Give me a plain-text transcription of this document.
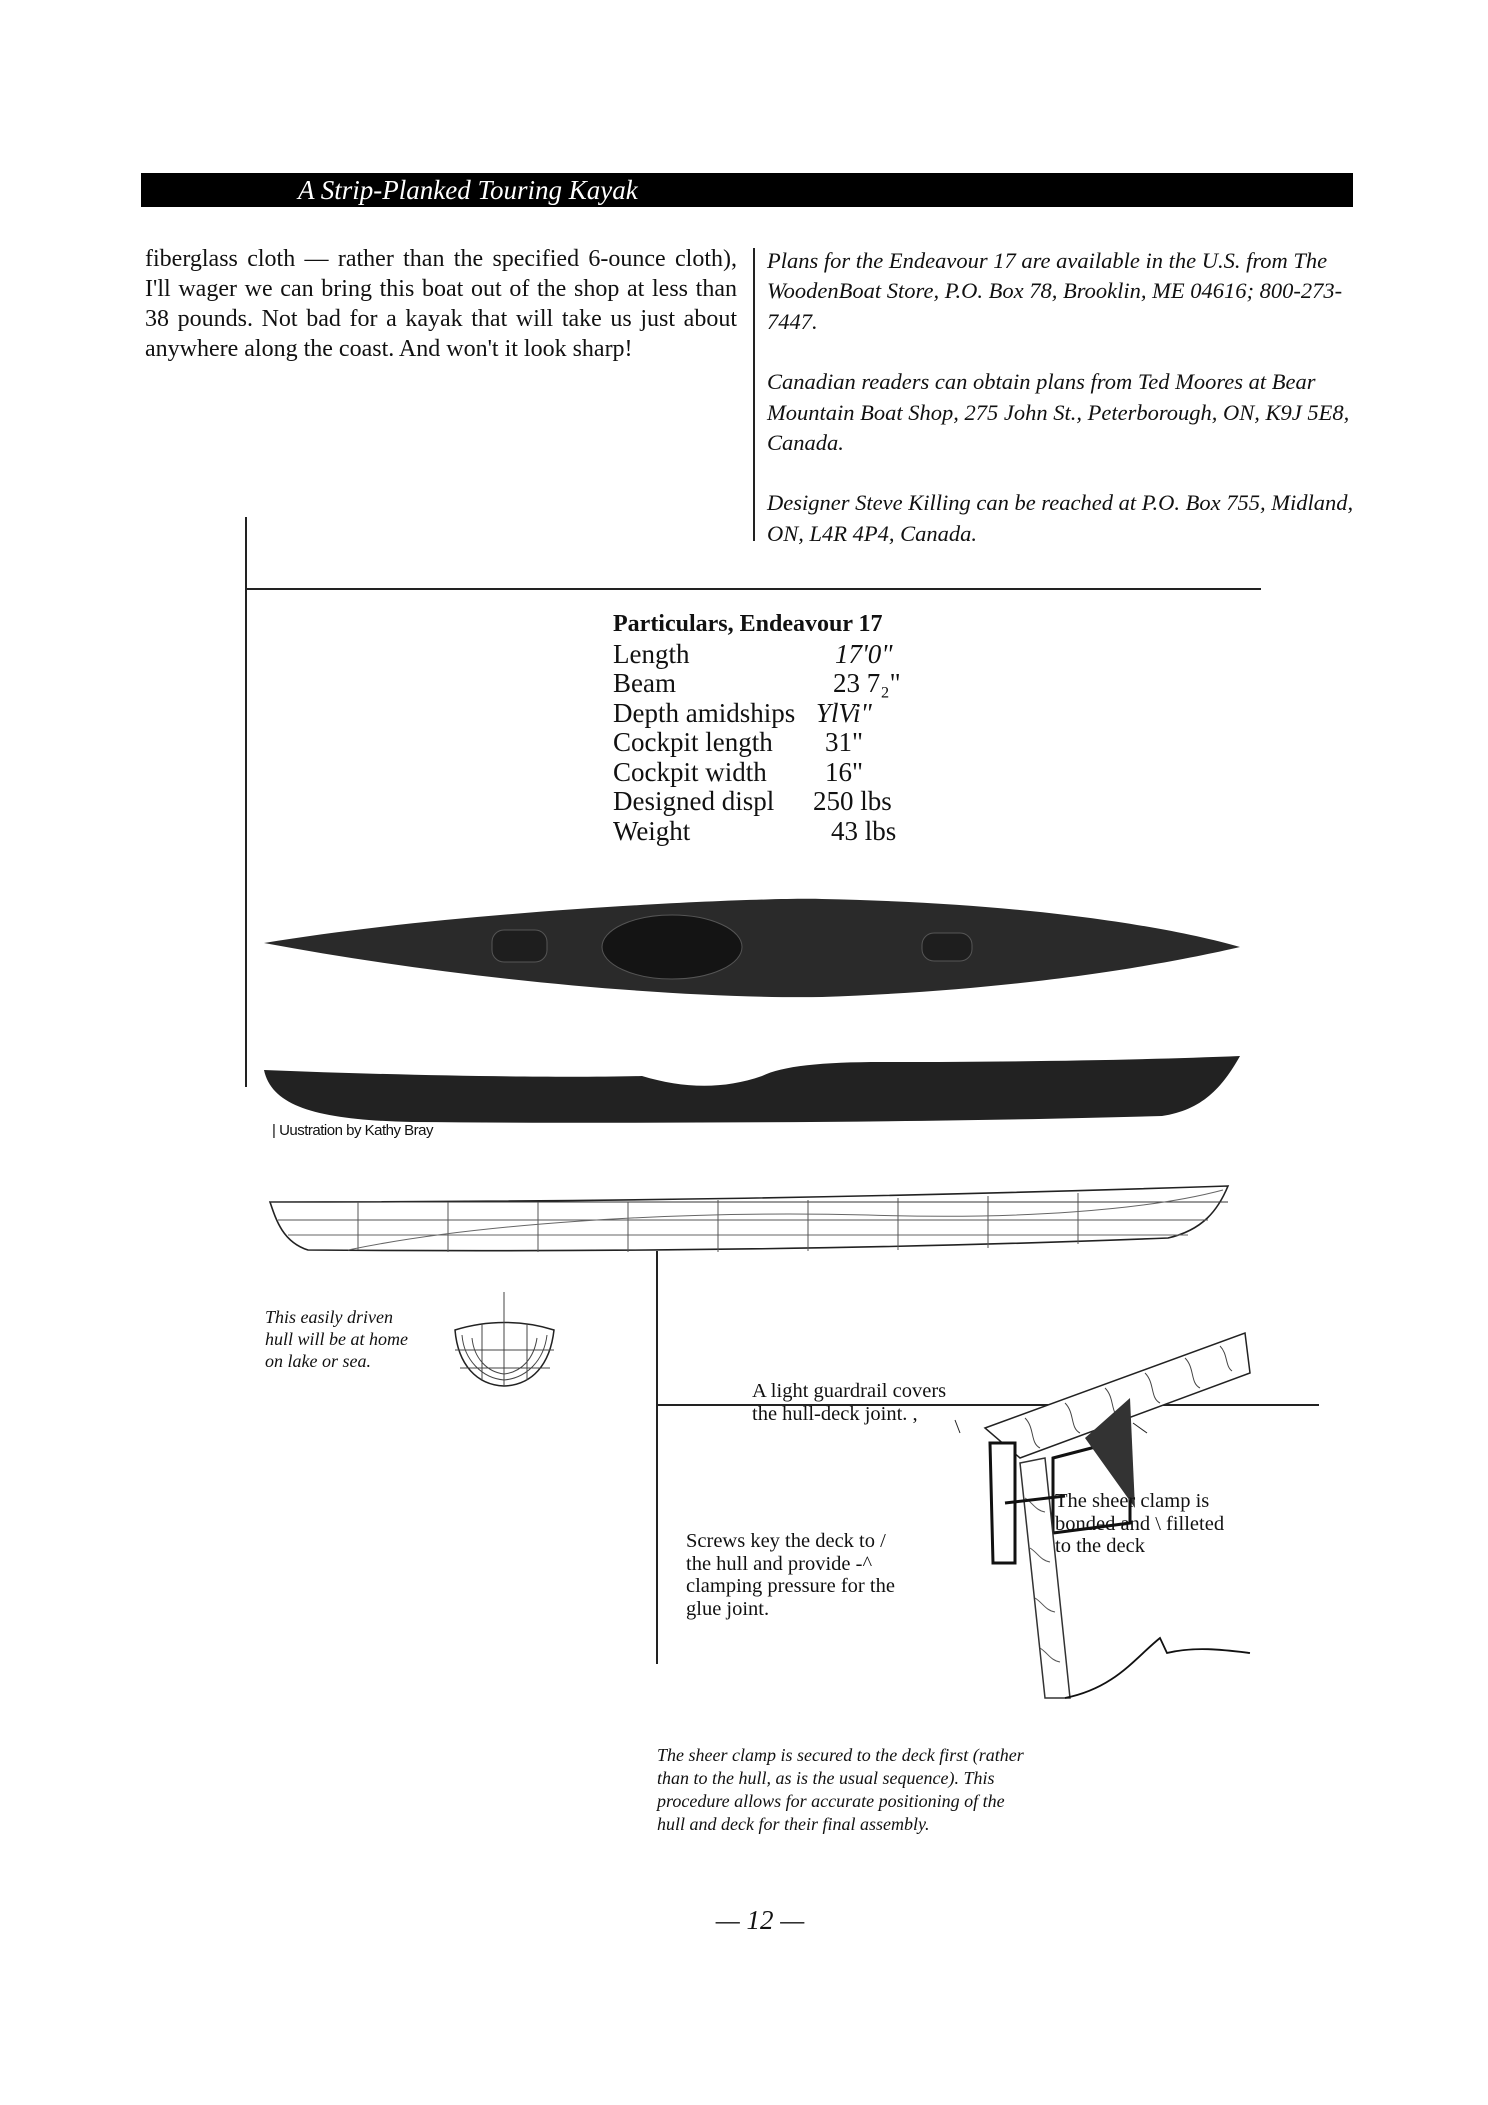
A Strip-Planked Touring Kayak
fiberglass cloth — rather than the specified 6-ounce cloth), I'll wager we can bring this boat out of the shop at less than 38 pounds. Not bad for a kayak that will take us just about anywhere along the coast. And won't it look sharp!

Plans for the Endeavour 17 are available in the U.S. from The WoodenBoat Store, P.O. Box 78, Brooklin, ME 04616; 800-273-7447.

Canadian readers can obtain plans from Ted Moores at Bear Mountain Boat Shop, 275 John St., Peterborough, ON, K9J 5E8, Canada.

Designer Steve Killing can be reached at P.O. Box 755, Midland, ON, L4R 4P4, Canada.

Particulars, Endeavour 17
Length	17'0"
Beam	23 7₂"
Depth amidships YlVi"
Cockpit length	31"
Cockpit width	16"
Designed displ	250 lbs
Weight	43 lbs
| Uustration by Kathy Bray
This easily driven
hull will be at home
on lake or sea.
A light guardrail covers
the hull-deck joint. ,
Screws key the deck to /
the hull and provide -^
clamping pressure for the
glue joint.
The sheer clamp is
bonded and \ filleted
to the deck
The sheer clamp is secured to the deck first (rather
than to the hull, as is the usual sequence). This
procedure allows for accurate positioning of the
hull and deck for their final assembly.
— 12 —
